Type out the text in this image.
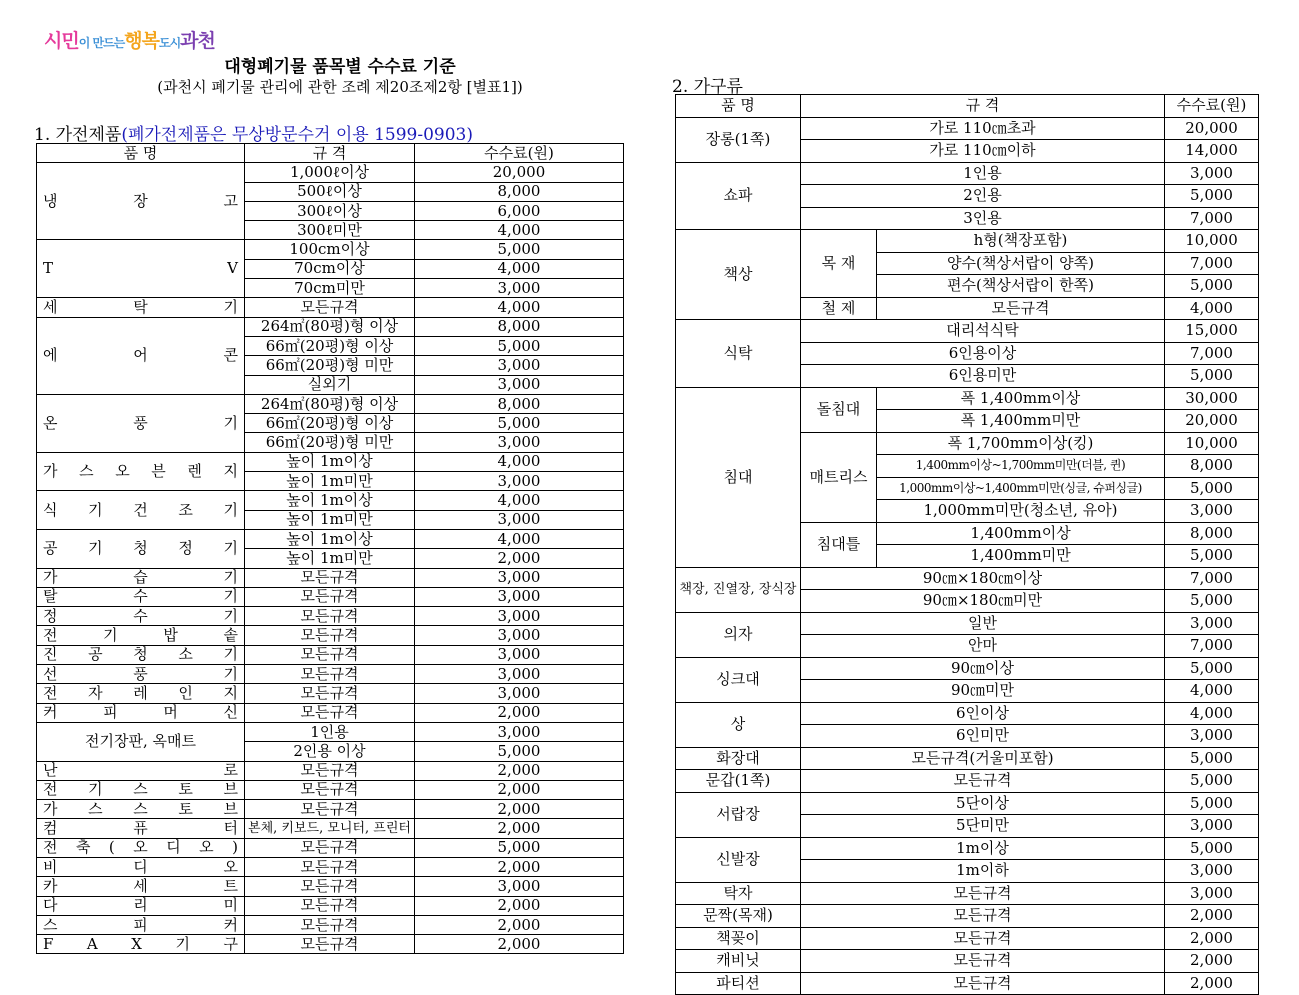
시민이 만드는행복도시과천
대형폐기물 품목별 수수료 기준
(과천시 폐기물 관리에 관한 조례 제20조제2항 [별표1])
1. 가전제품(폐가전제품은 무상방문수거 이용 1599-0903)
2. 가구류
품 명	규 격	수수료(원)
냉 장 고	1,000ℓ이상	20,000
	500ℓ이상	8,000
	300ℓ이상	6,000
	300ℓ미만	4,000
T V	100cm이상	5,000
	70cm이상	4,000
	70cm미만	3,000
세 탁 기	모든규격	4,000
에 어 콘	264㎡(80평)형 이상	8,000
	66㎡(20평)형 이상	5,000
	66㎡(20평)형 미만	3,000
	실외기	3,000
온 풍 기	264㎡(80평)형 이상	8,000
	66㎡(20평)형 이상	5,000
	66㎡(20평)형 미만	3,000
가 스 오 븐 렌 지	높이 1m이상	4,000
	높이 1m미만	3,000
식 기 건 조 기	높이 1m이상	4,000
	높이 1m미만	3,000
공 기 청 정 기	높이 1m이상	4,000
	높이 1m미만	2,000
가 습 기	모든규격	3,000
탈 수 기	모든규격	3,000
정 수 기	모든규격	3,000
전 기 밥 솥	모든규격	3,000
진 공 청 소 기	모든규격	3,000
선 풍 기	모든규격	3,000
전 자 레 인 지	모든규격	3,000
커 피 머 신	모든규격	2,000
전기장판, 옥매트	1인용	3,000
	2인용 이상	5,000
난 로	모든규격	2,000
전 기 스 토 브	모든규격	2,000
가 스 스 토 브	모든규격	2,000
컴 퓨 터	본체, 키보드, 모니터, 프린터	2,000
전 축 ( 오 디 오 )	모든규격	5,000
비 디 오	모든규격	2,000
카 세 트	모든규격	3,000
다 리 미	모든규격	2,000
스 피 커	모든규격	2,000
F A X 기 구	모든규격	2,000
품 명	규 격		수수료(원)
장롱(1쪽)	가로 110㎝초과		20,000
	가로 110㎝이하		14,000
쇼파	1인용		3,000
	2인용		5,000
	3인용		7,000
책상	목 재	h형(책장포함)	10,000
		양수(책상서랍이 양쪽)	7,000
		편수(책상서랍이 한쪽)	5,000
	철 제	모든규격	4,000
식탁	대리석식탁		15,000
	6인용이상		7,000
	6인용미만		5,000
침대	돌침대	폭 1,400mm이상	30,000
		폭 1,400mm미만	20,000
	매트리스	폭 1,700mm이상(킹)	10,000
		1,400mm이상~1,700mm미만(더블, 퀸)	8,000
		1,000mm이상~1,400mm미만(싱글, 슈퍼싱글)	5,000
		1,000mm미만(청소년, 유아)	3,000
	침대틀	1,400mm이상	8,000
		1,400mm미만	5,000
책장, 진열장, 장식장	90㎝×180㎝이상		7,000
	90㎝×180㎝미만		5,000
의자	일반		3,000
	안마		7,000
싱크대	90㎝이상		5,000
	90㎝미만		4,000
상	6인이상		4,000
	6인미만		3,000
화장대	모든규격(거울미포함)		5,000
문갑(1쪽)	모든규격		5,000
서랍장	5단이상		5,000
	5단미만		3,000
신발장	1m이상		5,000
	1m이하		3,000
탁자	모든규격		3,000
문짝(목재)	모든규격		2,000
책꽂이	모든규격		2,000
캐비닛	모든규격		2,000
파티션	모든규격		2,000
